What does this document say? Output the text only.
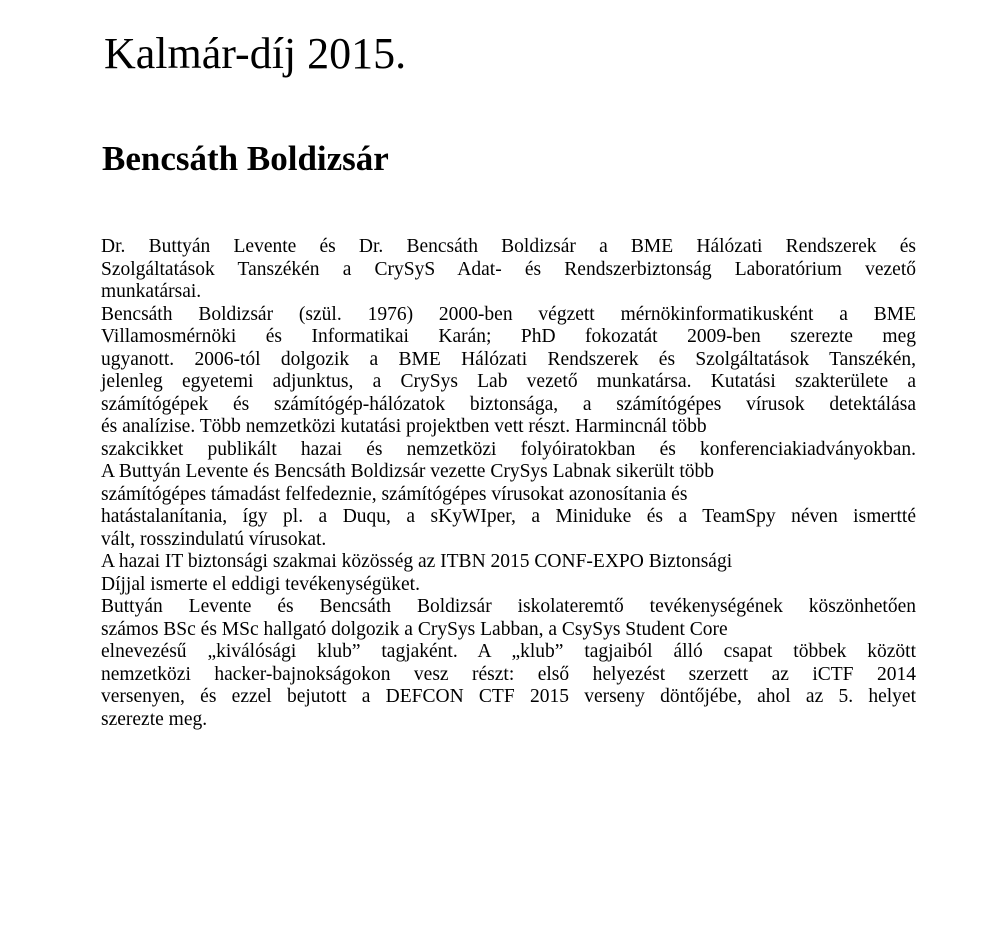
Kalmár-díj 2015.
Bencsáth Boldizsár
Dr. Buttyán Levente és Dr. Bencsáth Boldizsár a BME Hálózati Rendszerek és
Szolgáltatások Tanszékén a CrySyS Adat- és Rendszerbiztonság Laboratórium vezető
munkatársai.
Bencsáth Boldizsár (szül. 1976) 2000-ben végzett mérnökinformatikusként a BME
Villamosmérnöki és Informatikai Karán; PhD fokozatát 2009-ben szerezte meg
ugyanott. 2006-tól dolgozik a BME Hálózati Rendszerek és Szolgáltatások Tanszékén,
jelenleg egyetemi adjunktus, a CrySys Lab vezető munkatársa. Kutatási szakterülete a
számítógépek és számítógép-hálózatok biztonsága, a számítógépes vírusok detektálása
és analízise. Több nemzetközi kutatási projektben vett részt. Harmincnál több
szakcikket publikált hazai és nemzetközi folyóiratokban és konferenciakiadványokban.
A Buttyán Levente és Bencsáth Boldizsár vezette CrySys Labnak sikerült több
számítógépes támadást felfedeznie, számítógépes vírusokat azonosítania és
hatástalanítania, így pl. a Duqu, a sKyWIper, a Miniduke és a TeamSpy néven ismertté
vált, rosszindulatú vírusokat.
A hazai IT biztonsági szakmai közösség az ITBN 2015 CONF-EXPO Biztonsági
Díjjal ismerte el eddigi tevékenységüket.
Buttyán Levente és Bencsáth Boldizsár iskolateremtő tevékenységének köszönhetően
számos BSc és MSc hallgató dolgozik a CrySys Labban, a CsySys Student Core
elnevezésű „kiválósági klub” tagjaként. A „klub” tagjaiból álló csapat többek között
nemzetközi hacker-bajnokságokon vesz részt: első helyezést szerzett az iCTF 2014
versenyen, és ezzel bejutott a DEFCON CTF 2015 verseny döntőjébe, ahol az 5. helyet
szerezte meg.
